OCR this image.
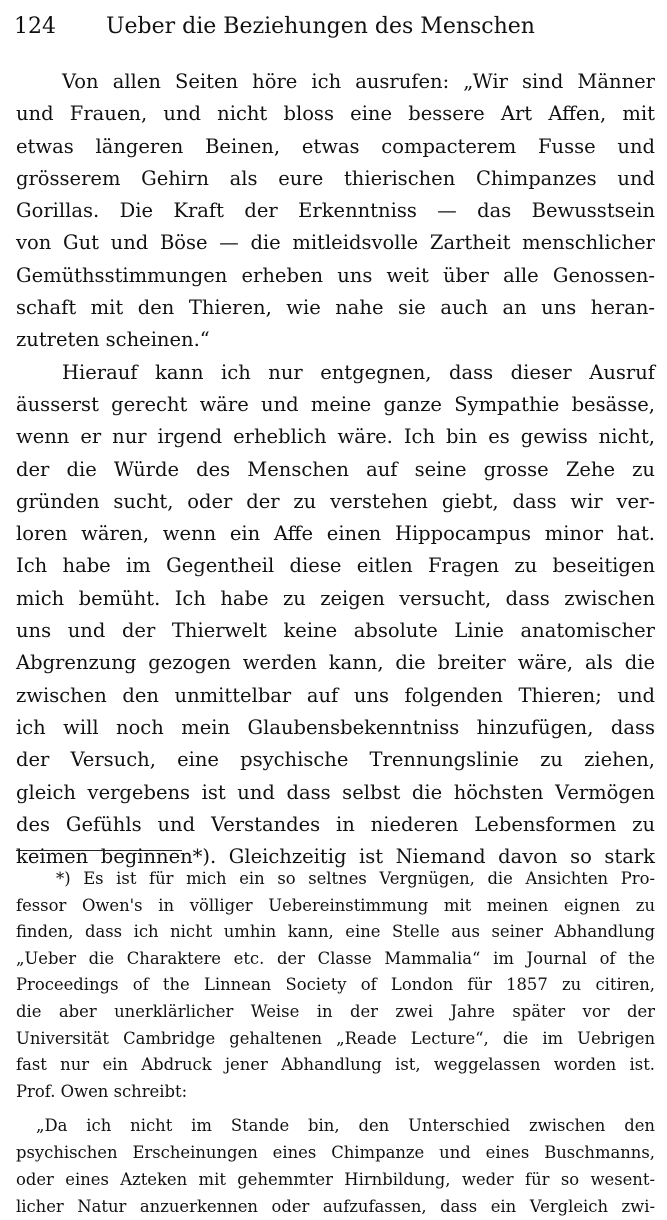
124	Ueber die Beziehungen des Menschen
Von allen Seiten höre ich ausrufen: „Wir sind Männer
und Frauen, und nicht bloss eine bessere Art Affen, mit
etwas längeren Beinen, etwas compacterem Fusse und
grösserem Gehirn als eure thierischen Chimpanzes und
Gorillas. Die Kraft der Erkenntniss — das Bewusstsein
von Gut und Böse — die mitleidsvolle Zartheit menschlicher
Gemüthsstimmungen erheben uns weit über alle Genossen-
schaft mit den Thieren, wie nahe sie auch an uns heran-
zutreten scheinen.“
Hierauf kann ich nur entgegnen, dass dieser Ausruf
äusserst gerecht wäre und meine ganze Sympathie besässe,
wenn er nur irgend erheblich wäre. Ich bin es gewiss nicht,
der die Würde des Menschen auf seine grosse Zehe zu
gründen sucht, oder der zu verstehen giebt, dass wir ver-
loren wären, wenn ein Affe einen Hippocampus minor hat.
Ich habe im Gegentheil diese eitlen Fragen zu beseitigen
mich bemüht. Ich habe zu zeigen versucht, dass zwischen
uns und der Thierwelt keine absolute Linie anatomischer
Abgrenzung gezogen werden kann, die breiter wäre, als die
zwischen den unmittelbar auf uns folgenden Thieren; und
ich will noch mein Glaubensbekenntniss hinzufügen, dass
der Versuch, eine psychische Trennungslinie zu ziehen,
gleich vergebens ist und dass selbst die höchsten Vermögen
des Gefühls und Verstandes in niederen Lebensformen zu
keimen beginnen*). Gleichzeitig ist Niemand davon so stark
*) Es ist für mich ein so seltnes Vergnügen, die Ansichten Pro-
fessor Owen's in völliger Uebereinstimmung mit meinen eignen zu
finden, dass ich nicht umhin kann, eine Stelle aus seiner Abhandlung
„Ueber die Charaktere etc. der Classe Mammalia“ im Journal of the
Proceedings of the Linnean Society of London für 1857 zu citiren,
die aber unerklärlicher Weise in der zwei Jahre später vor der
Universität Cambridge gehaltenen „Reade Lecture“, die im Uebrigen
fast nur ein Abdruck jener Abhandlung ist, weggelassen worden ist.
Prof. Owen schreibt:
„Da ich nicht im Stande bin, den Unterschied zwischen den
psychischen Erscheinungen eines Chimpanze und eines Buschmanns,
oder eines Azteken mit gehemmter Hirnbildung, weder für so wesent-
licher Natur anzuerkennen oder aufzufassen, dass ein Vergleich zwi-
